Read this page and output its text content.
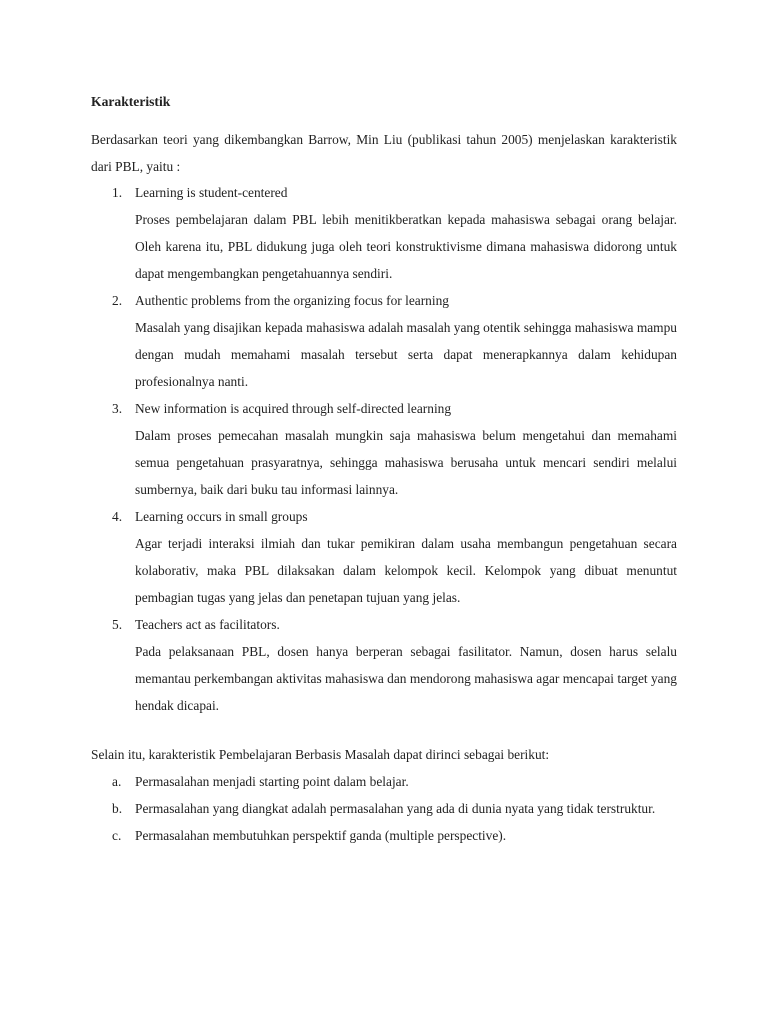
Karakteristik
Berdasarkan teori yang dikembangkan Barrow, Min Liu (publikasi tahun 2005) menjelaskan karakteristik dari PBL, yaitu :
1. Learning is student-centered
Proses pembelajaran dalam PBL lebih menitikberatkan kepada mahasiswa sebagai orang belajar. Oleh karena itu, PBL didukung juga oleh teori konstruktivisme dimana mahasiswa didorong untuk dapat mengembangkan pengetahuannya sendiri.
2. Authentic problems from the organizing focus for learning
Masalah yang disajikan kepada mahasiswa adalah masalah yang otentik sehingga mahasiswa mampu dengan mudah memahami masalah tersebut serta dapat menerapkannya dalam kehidupan profesionalnya nanti.
3. New information is acquired through self-directed learning
Dalam proses pemecahan masalah mungkin saja mahasiswa belum mengetahui dan memahami semua pengetahuan prasyaratnya, sehingga mahasiswa berusaha untuk mencari sendiri melalui sumbernya, baik dari buku tau informasi lainnya.
4. Learning occurs in small groups
Agar terjadi interaksi ilmiah dan tukar pemikiran dalam usaha membangun pengetahuan secara kolaborativ, maka PBL dilaksakan dalam kelompok kecil. Kelompok yang dibuat menuntut pembagian tugas yang jelas dan penetapan tujuan yang jelas.
5. Teachers act as facilitators.
Pada pelaksanaan PBL, dosen hanya berperan sebagai fasilitator. Namun, dosen harus selalu memantau perkembangan aktivitas mahasiswa dan mendorong mahasiswa agar mencapai target yang hendak dicapai.
Selain itu, karakteristik Pembelajaran Berbasis Masalah dapat dirinci sebagai berikut:
a.	Permasalahan menjadi starting point dalam belajar.
b. Permasalahan yang diangkat adalah permasalahan yang ada di dunia nyata yang tidak terstruktur.
c.	Permasalahan membutuhkan perspektif ganda (multiple perspective).
